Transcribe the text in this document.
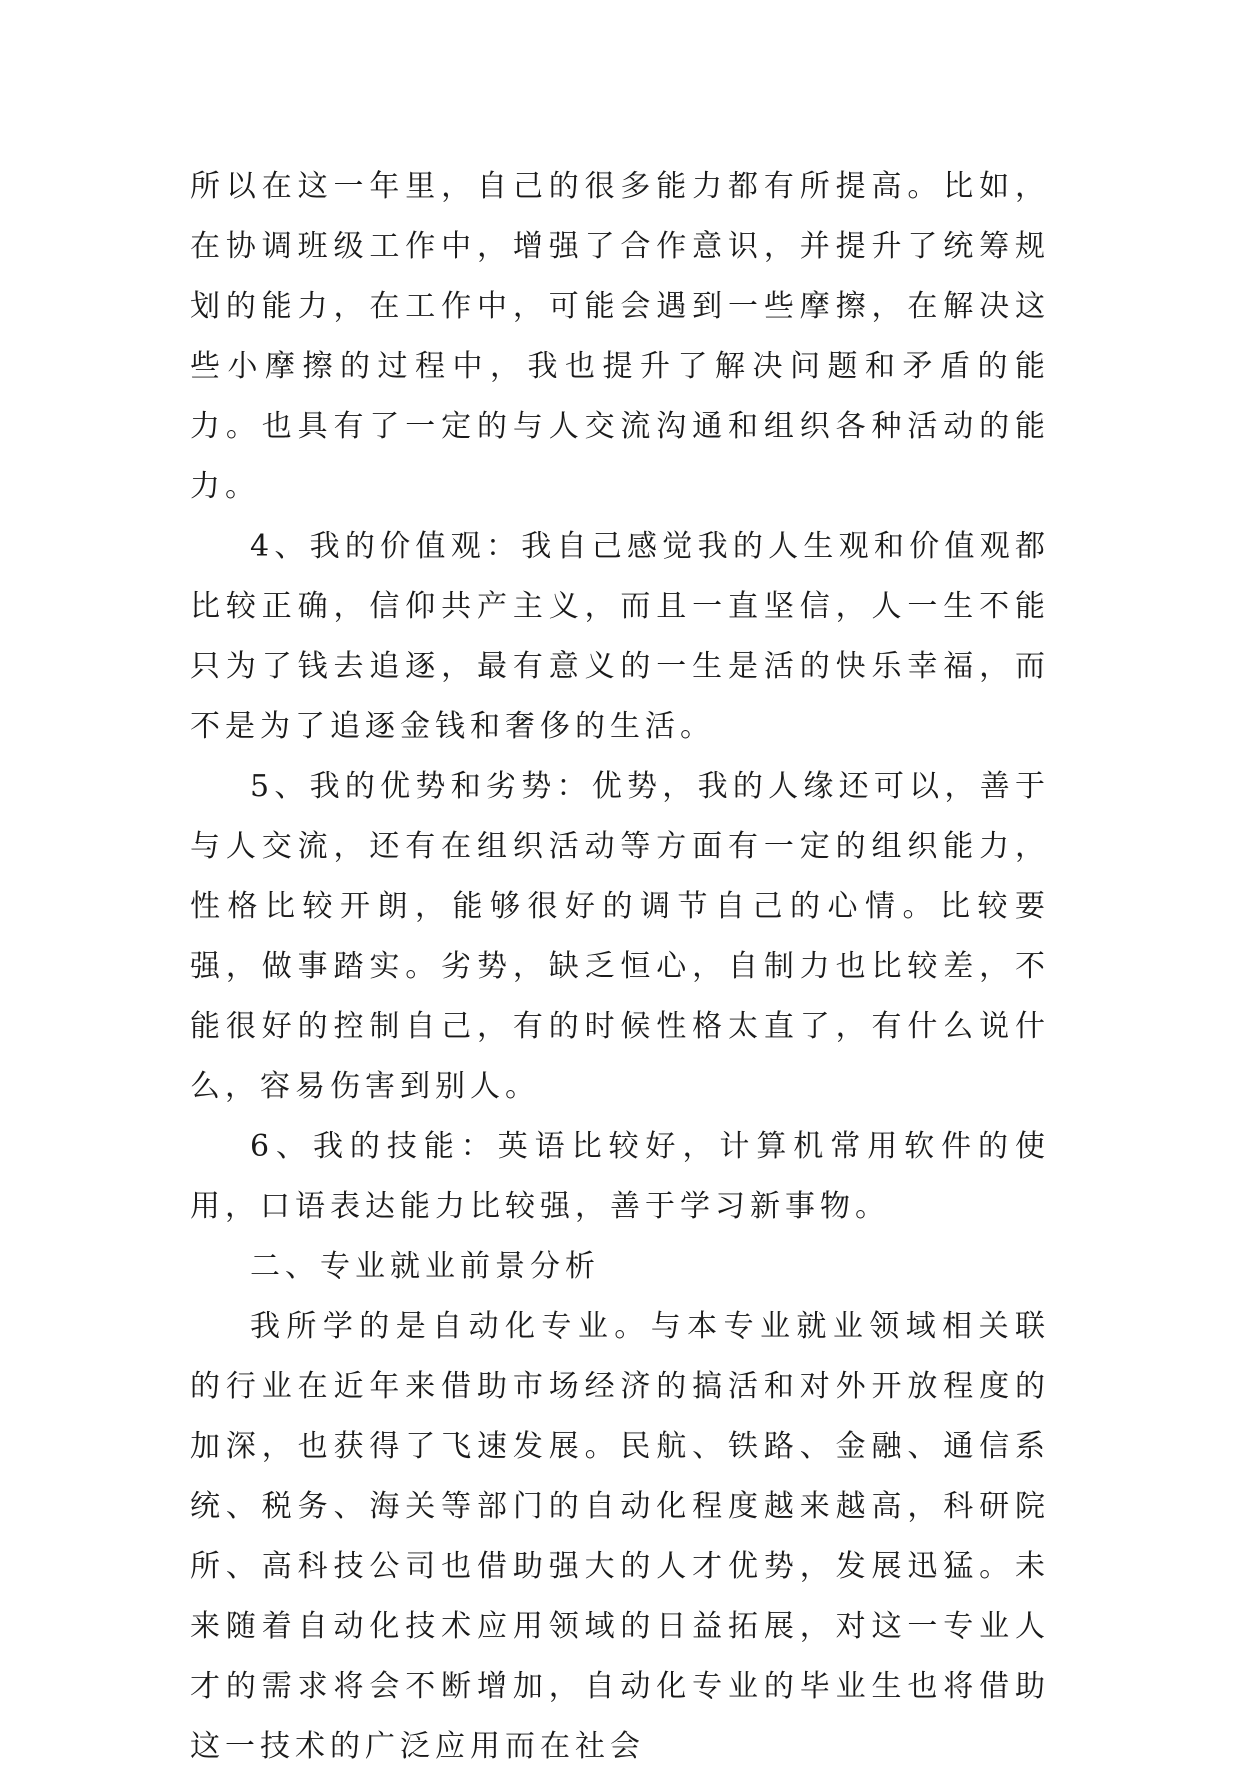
所以在这一年里，自己的很多能力都有所提高。比如，在协调班级工作中，增强了合作意识，并提升了统筹规划的能力，在工作中，可能会遇到一些摩擦，在解决这些小摩擦的过程中，我也提升了解决问题和矛盾的能力。也具有了一定的与人交流沟通和组织各种活动的能力。

4、我的价值观：我自己感觉我的人生观和价值观都比较正确，信仰共产主义，而且一直坚信，人一生不能只为了钱去追逐，最有意义的一生是活的快乐幸福，而不是为了追逐金钱和奢侈的生活。

5、我的优势和劣势：优势，我的人缘还可以，善于与人交流，还有在组织活动等方面有一定的组织能力，性格比较开朗，能够很好的调节自己的心情。比较要强，做事踏实。劣势，缺乏恒心，自制力也比较差，不能很好的控制自己，有的时候性格太直了，有什么说什么，容易伤害到别人。

6、我的技能：英语比较好，计算机常用软件的使用，口语表达能力比较强，善于学习新事物。

二、专业就业前景分析

我所学的是自动化专业。与本专业就业领域相关联的行业在近年来借助市场经济的搞活和对外开放程度的加深，也获得了飞速发展。民航、铁路、金融、通信系统、税务、海关等部门的自动化程度越来越高，科研院所、高科技公司也借助强大的人才优势，发展迅猛。未来随着自动化技术应用领域的日益拓展，对这一专业人才的需求将会不断增加，自动化专业的毕业生也将借助这一技术的广泛应用而在社会
